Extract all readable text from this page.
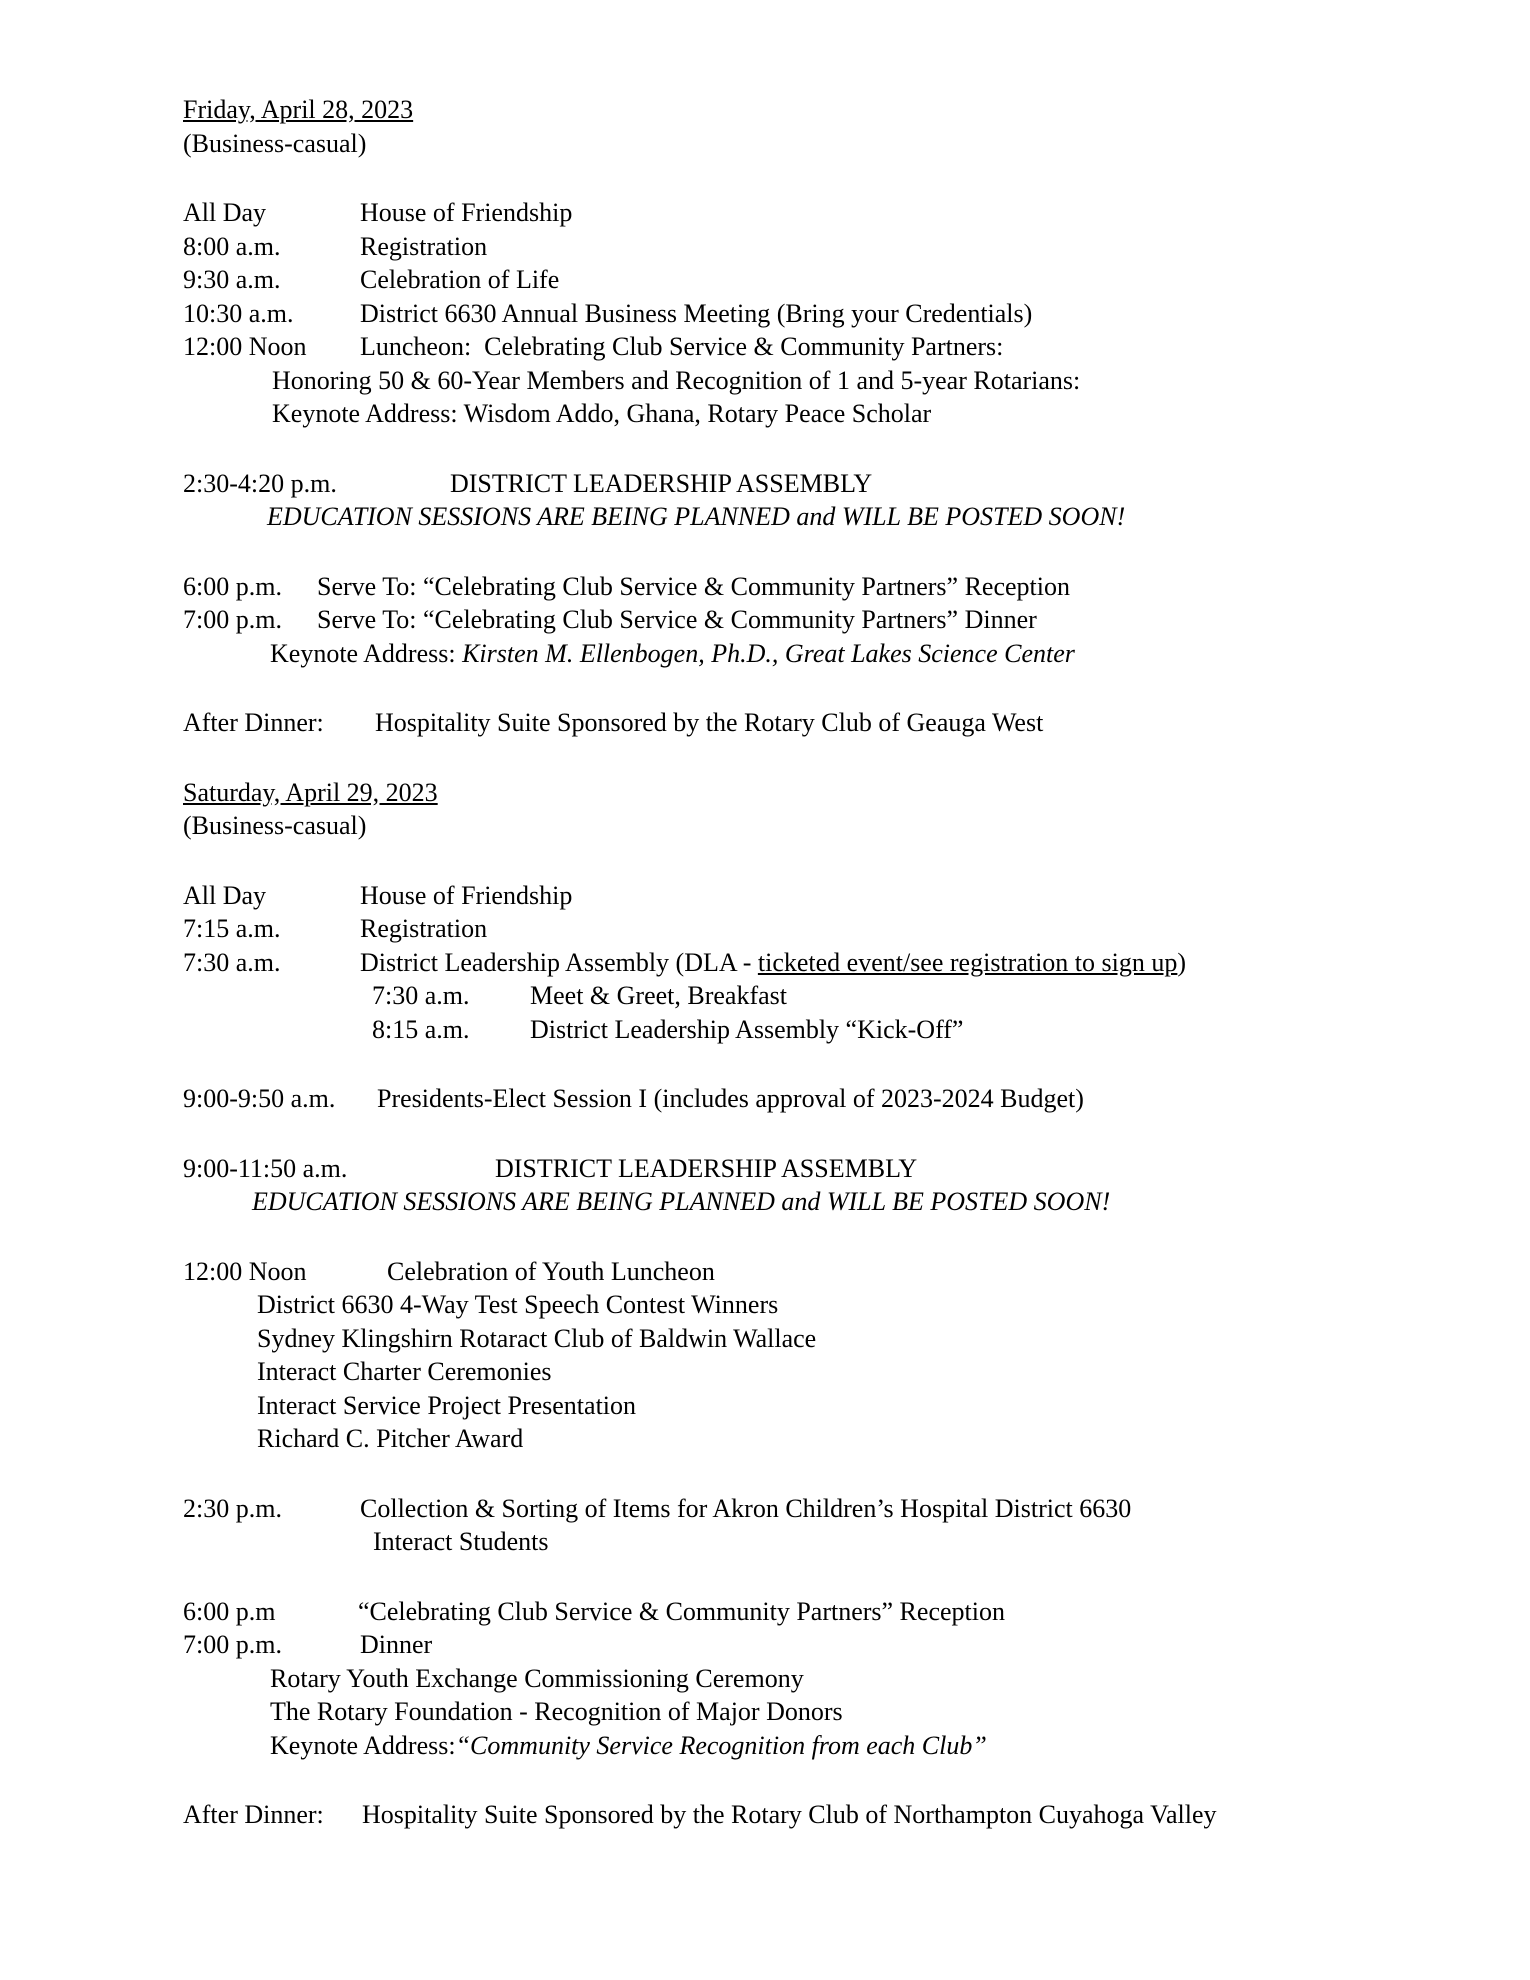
Friday, April 28, 2023
(Business-casual)
All Day	House of Friendship
8:00 a.m.	Registration
9:30 a.m.	Celebration of Life
10:30 a.m.	District 6630 Annual Business Meeting (Bring your Credentials)
12:00 Noon Luncheon:  Celebrating Club Service & Community Partners:
Honoring 50 & 60-Year Members and Recognition of 1 and 5-year Rotarians:
Keynote Address: Wisdom Addo, Ghana, Rotary Peace Scholar
2:30-4:20 p.m.	DISTRICT LEADERSHIP ASSEMBLY
EDUCATION SESSIONS ARE BEING PLANNED and WILL BE POSTED SOON!
6:00 p.m. Serve To: “Celebrating Club Service & Community Partners” Reception
7:00 p.m. Serve To: “Celebrating Club Service & Community Partners” Dinner
Keynote Address: Kirsten M. Ellenbogen, Ph.D., Great Lakes Science Center
After Dinner: Hospitality Suite Sponsored by the Rotary Club of Geauga West
Saturday, April 29, 2023
(Business-casual)
All Day	House of Friendship
7:15 a.m.	Registration
7:30 a.m.	District Leadership Assembly (DLA - ticketed event/see registration to sign up)
7:30 a.m. Meet & Greet, Breakfast
8:15 a.m. District Leadership Assembly “Kick-Off”
9:00-9:50 a.m. Presidents-Elect Session I (includes approval of 2023-2024 Budget)
9:00-11:50 a.m.	DISTRICT LEADERSHIP ASSEMBLY
EDUCATION SESSIONS ARE BEING PLANNED and WILL BE POSTED SOON!
12:00 Noon	Celebration of Youth Luncheon
District 6630 4-Way Test Speech Contest Winners
Sydney Klingshirn Rotaract Club of Baldwin Wallace
Interact Charter Ceremonies
Interact Service Project Presentation
Richard C. Pitcher Award
2:30 p.m.	Collection & Sorting of Items for Akron Children’s Hospital District 6630
Interact Students
6:00 p.m	“Celebrating Club Service & Community Partners” Reception
7:00 p.m.	Dinner
Rotary Youth Exchange Commissioning Ceremony
The Rotary Foundation - Recognition of Major Donors
Keynote Address:“Community Service Recognition from each Club”
After Dinner: Hospitality Suite Sponsored by the Rotary Club of Northampton Cuyahoga Valley
